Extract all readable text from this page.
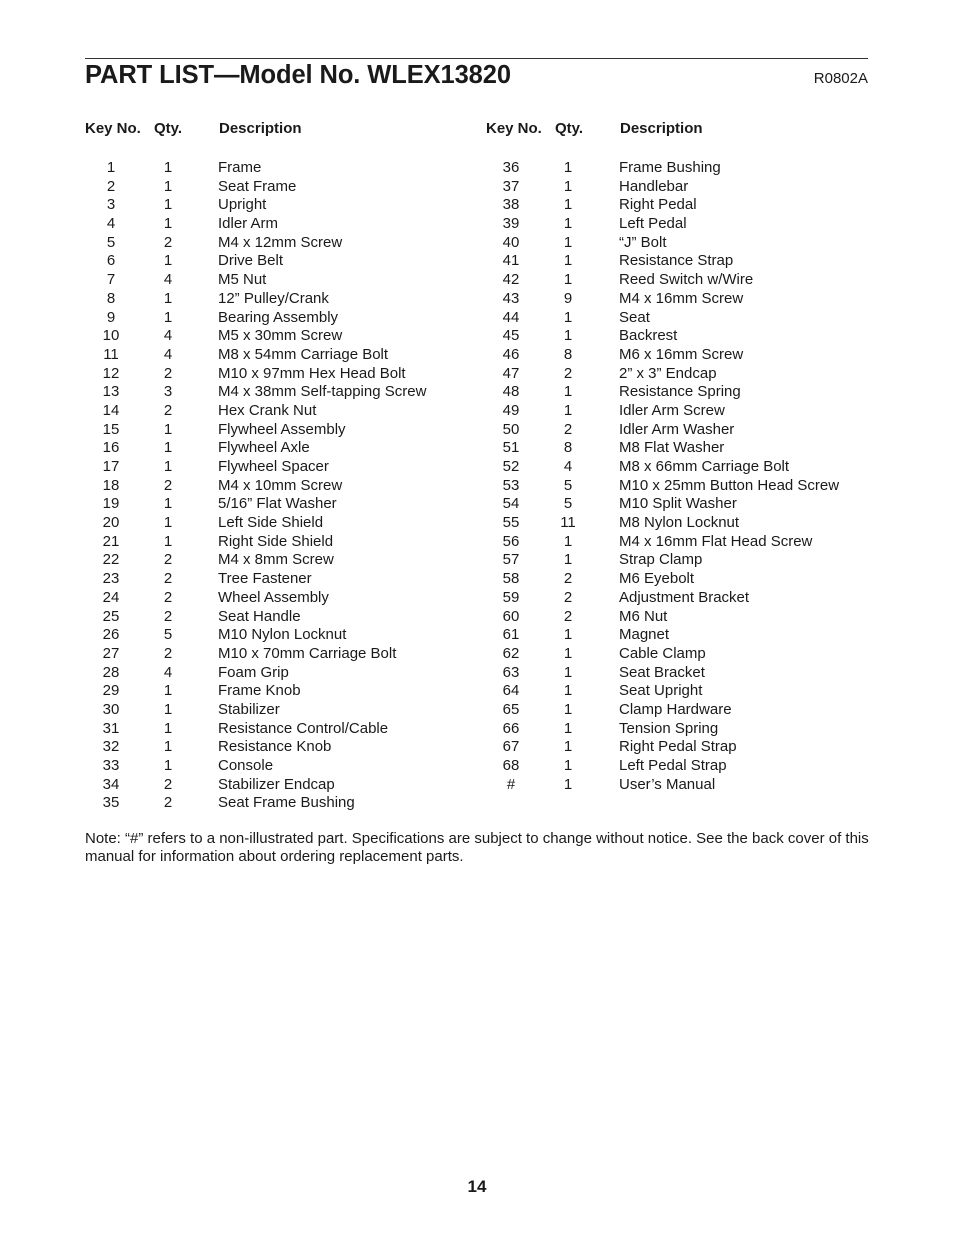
PART LIST—Model No. WLEX13820	R0802A
Key No. Qty. Description
1	1	Frame
2	1	Seat Frame
3	1	Upright
4	1	Idler Arm
5	2	M4 x 12mm Screw
6	1	Drive Belt
7	4	M5 Nut
8	1	12” Pulley/Crank
9	1	Bearing Assembly
10	4	M5 x 30mm Screw
11	4	M8 x 54mm Carriage Bolt
12	2	M10 x 97mm Hex Head Bolt
13	3	M4 x 38mm Self-tapping Screw
14	2	Hex Crank Nut
15	1	Flywheel Assembly
16	1	Flywheel Axle
17	1	Flywheel Spacer
18	2	M4 x 10mm Screw
19	1	5/16” Flat Washer
20	1	Left Side Shield
21	1	Right Side Shield
22	2	M4 x 8mm Screw
23	2	Tree Fastener
24	2	Wheel Assembly
25	2	Seat Handle
26	5	M10 Nylon Locknut
27	2	M10 x 70mm Carriage Bolt
28	4	Foam Grip
29	1	Frame Knob
30	1	Stabilizer
31	1	Resistance Control/Cable
32	1	Resistance Knob
33	1	Console
34	2	Stabilizer Endcap
35	2	Seat Frame Bushing
Key No. Qty. Description
36	1	Frame Bushing
37	1	Handlebar
38	1	Right Pedal
39	1	Left Pedal
40	1	“J” Bolt
41	1	Resistance Strap
42	1	Reed Switch w/Wire
43	9	M4 x 16mm Screw
44	1	Seat
45	1	Backrest
46	8	M6 x 16mm Screw
47	2	2” x 3” Endcap
48	1	Resistance Spring
49	1	Idler Arm Screw
50	2	Idler Arm Washer
51	8	M8 Flat Washer
52	4	M8 x 66mm Carriage Bolt
53	5	M10 x 25mm Button Head Screw
54	5	M10 Split Washer
55	11	M8 Nylon Locknut
56	1	M4 x 16mm Flat Head Screw
57	1	Strap Clamp
58	2	M6 Eyebolt
59	2	Adjustment Bracket
60	2	M6 Nut
61	1	Magnet
62	1	Cable Clamp
63	1	Seat Bracket
64	1	Seat Upright
65	1	Clamp Hardware
66	1	Tension Spring
67	1	Right Pedal Strap
68	1	Left Pedal Strap
#	1	User’s Manual
Note: “#” refers to a non-illustrated part. Specifications are subject to change without notice. See the back cover of this manual for information about ordering replacement parts.
14
